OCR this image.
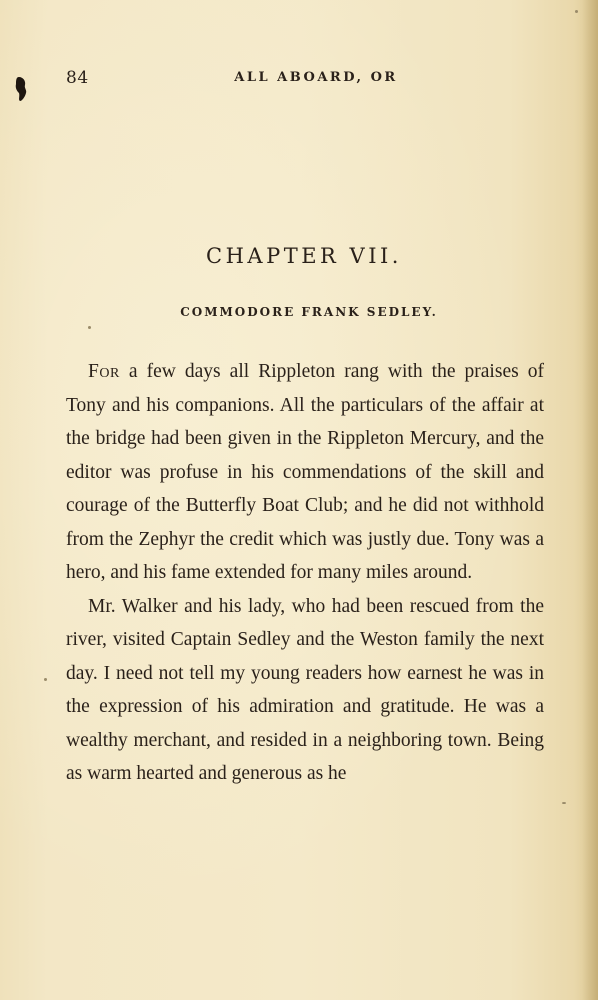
84	ALL ABOARD, OR
CHAPTER VII.
COMMODORE FRANK SEDLEY.

For a few days all Rippleton rang with the praises of Tony and his companions. All the particulars of the affair at the bridge had been given in the Rippleton Mercury, and the editor was profuse in his commendations of the skill and courage of the Butterfly Boat Club; and he did not withhold from the Zephyr the credit which was justly due. Tony was a hero, and his fame extended for many miles around.

Mr. Walker and his lady, who had been rescued from the river, visited Captain Sedley and the Weston family the next day. I need not tell my young readers how earnest he was in the expression of his admiration and gratitude. He was a wealthy merchant, and resided in a neighboring town. Being as warm hearted and generous as he
